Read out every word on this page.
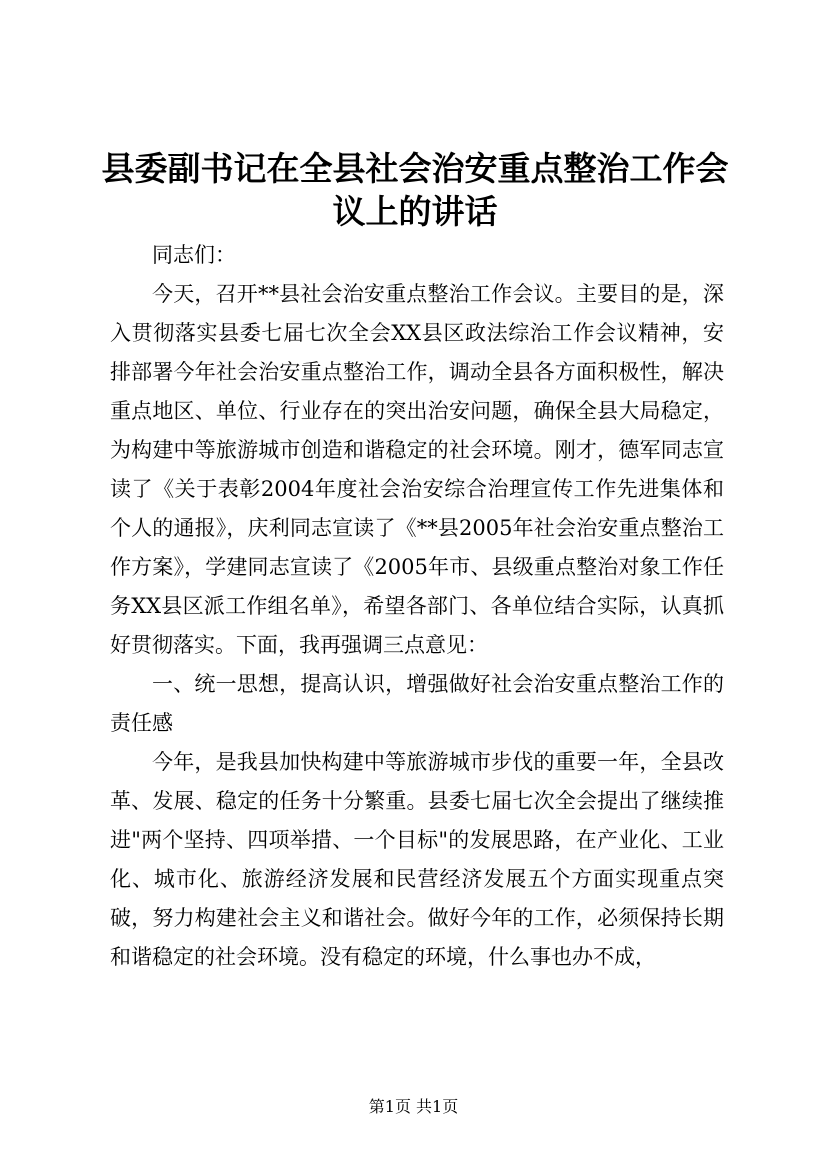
县委副书记在全县社会治安重点整治工作会议上的讲话

同志们：

今天，召开**县社会治安重点整治工作会议。主要目的是，深入贯彻落实县委七届七次全会XX县区政法综治工作会议精神，安排部署今年社会治安重点整治工作，调动全县各方面积极性，解决重点地区、单位、行业存在的突出治安问题，确保全县大局稳定，为构建中等旅游城市创造和谐稳定的社会环境。刚才，德军同志宣读了《关于表彰2004年度社会治安综合治理宣传工作先进集体和个人的通报》，庆利同志宣读了《**县2005年社会治安重点整治工作方案》，学建同志宣读了《2005年市、县级重点整治对象工作任务XX县区派工作组名单》，希望各部门、各单位结合实际，认真抓好贯彻落实。下面，我再强调三点意见：

一、统一思想，提高认识，增强做好社会治安重点整治工作的责任感

今年，是我县加快构建中等旅游城市步伐的重要一年，全县改革、发展、稳定的任务十分繁重。县委七届七次全会提出了继续推进"两个坚持、四项举措、一个目标"的发展思路，在产业化、工业化、城市化、旅游经济发展和民营经济发展五个方面实现重点突破，努力构建社会主义和谐社会。做好今年的工作，必须保持长期和谐稳定的社会环境。没有稳定的环境，什么事也办不成，

第1页 共1页
